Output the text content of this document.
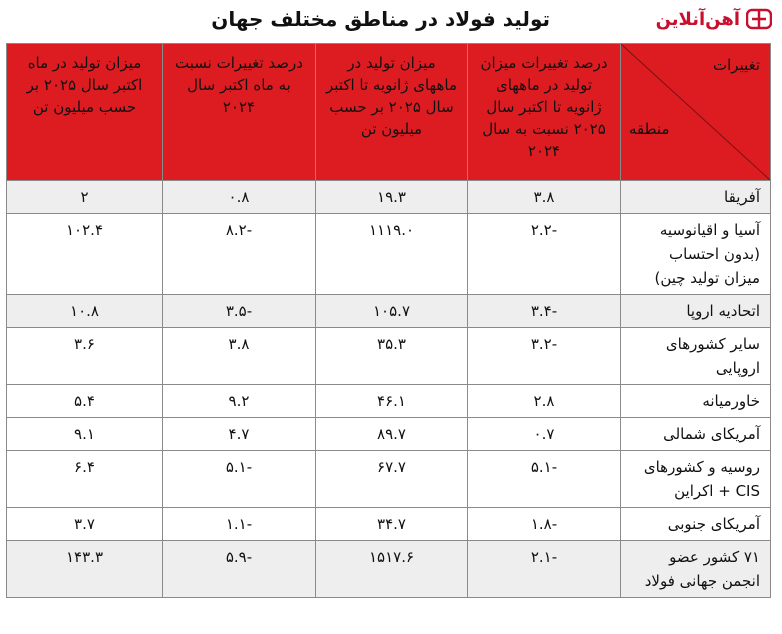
آهن‌آنلاین
تولید فولاد در مناطق مختلف جهان
تغییرات
منطقه	درصد تغییرات میزان تولید در ماههای ژانویه تا اکتبر سال ۲۰۲۵ نسبت به سال ۲۰۲۴	میزان تولید در ماههای ژانویه تا اکتبر سال ۲۰۲۵ بر حسب میلیون تن	درصد تغییرات نسبت به ماه اکتبر سال ۲۰۲۴	میزان تولید در ماه اکتبر سال ۲۰۲۵ بر حسب میلیون تن
آفریقا	۳.۸	۱۹.۳	۰.۸	۲
آسیا و اقیانوسیه (بدون احتساب میزان تولید چین)	-۲.۲	۱۱۱۹.۰	-۸.۲	۱۰۲.۴
اتحادیه اروپا	-۳.۴	۱۰۵.۷	-۳.۵	۱۰.۸
سایر کشورهای اروپایی	-۳.۲	۳۵.۳	۳.۸	۳.۶
خاورمیانه	۲.۸	۴۶.۱	۹.۲	۵.۴
آمریکای شمالی	۰.۷	۸۹.۷	۴.۷	۹.۱
روسیه و کشورهای CIS + اکراین	-۵.۱	۶۷.۷	-۵.۱	۶.۴
آمریکای جنوبی	-۱.۸	۳۴.۷	-۱.۱	۳.۷
۷۱ کشور عضو انجمن جهانی فولاد	-۲.۱	۱۵۱۷.۶	-۵.۹	۱۴۳.۳
